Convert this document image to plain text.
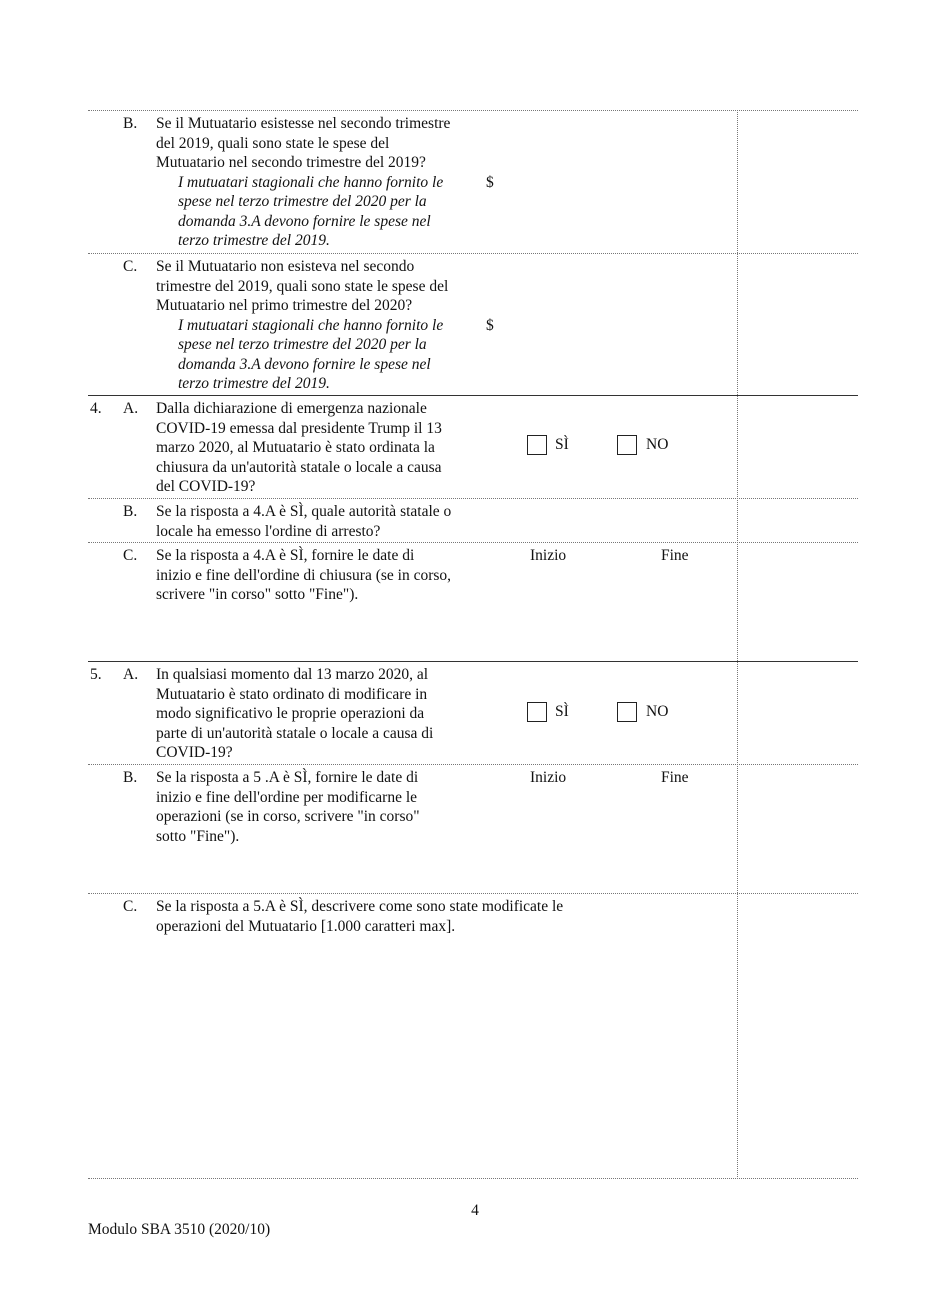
B. Se il Mutuatario esistesse nel secondo trimestre
del 2019, quali sono state le spese del
Mutuatario nel secondo trimestre del 2019?
I mutuatari stagionali che hanno fornito le
spese nel terzo trimestre del 2020 per la
domanda 3.A devono fornire le spese nel
terzo trimestre del 2019.
$
C. Se il Mutuatario non esisteva nel secondo
trimestre del 2019, quali sono state le spese del
Mutuatario nel primo trimestre del 2020?
I mutuatari stagionali che hanno fornito le
spese nel terzo trimestre del 2020 per la
domanda 3.A devono fornire le spese nel
terzo trimestre del 2019.
$
4. A. Dalla dichiarazione di emergenza nazionale
COVID-19 emessa dal presidente Trump il 13
marzo 2020, al Mutuatario è stato ordinata la
chiusura da un'autorità statale o locale a causa
del COVID-19?
SÌ	NO
B. Se la risposta a 4.A è SÌ, quale autorità statale o
locale ha emesso l'ordine di arresto?
C. Se la risposta a 4.A è SÌ, fornire le date di
inizio e fine dell'ordine di chiusura (se in corso,
scrivere "in corso" sotto "Fine").
Inizio	Fine
5. A. In qualsiasi momento dal 13 marzo 2020, al
Mutuatario è stato ordinato di modificare in
modo significativo le proprie operazioni da
parte di un'autorità statale o locale a causa di
COVID-19?
SÌ	NO
B. Se la risposta a 5 .A è SÌ, fornire le date di
inizio e fine dell'ordine per modificarne le
operazioni (se in corso, scrivere "in corso"
sotto "Fine").
Inizio	Fine
C. Se la risposta a 5.A è SÌ, descrivere come sono state modificate le
operazioni del Mutuatario [1.000 caratteri max].
4
Modulo SBA 3510 (2020/10)
